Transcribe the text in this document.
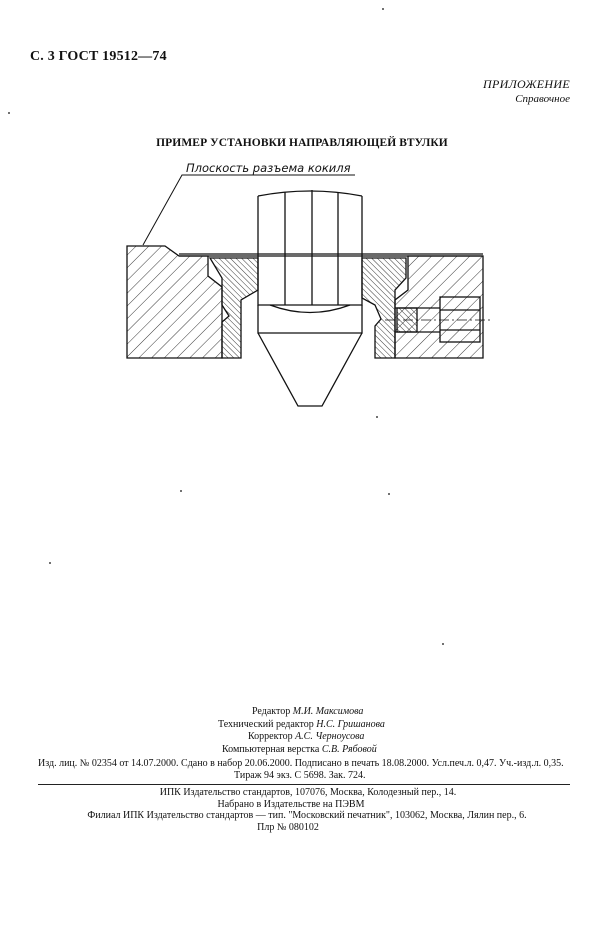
С. 3 ГОСТ 19512—74
ПРИЛОЖЕНИЕ
Справочное
ПРИМЕР УСТАНОВКИ НАПРАВЛЯЮЩЕЙ ВТУЛКИ
Плоскость разъема кокиля
Редактор М.И. Максимова
Технический редактор Н.С. Гришанова
Корректор А.С. Черноусова
Компьютерная верстка С.В. Рябовой
Изд. лиц. № 02354 от 14.07.2000. Сдано в набор 20.06.2000. Подписано в печать 18.08.2000. Усл.печ.л. 0,47. Уч.-изд.л. 0,35.
Тираж 94 экз. С 5698. Зак. 724.
ИПК Издательство стандартов, 107076, Москва, Колодезный пер., 14.
Набрано в Издательстве на ПЭВМ
Филиал ИПК Издательство стандартов — тип. "Московский печатник", 103062, Москва, Лялин пер., 6.
Плр № 080102
